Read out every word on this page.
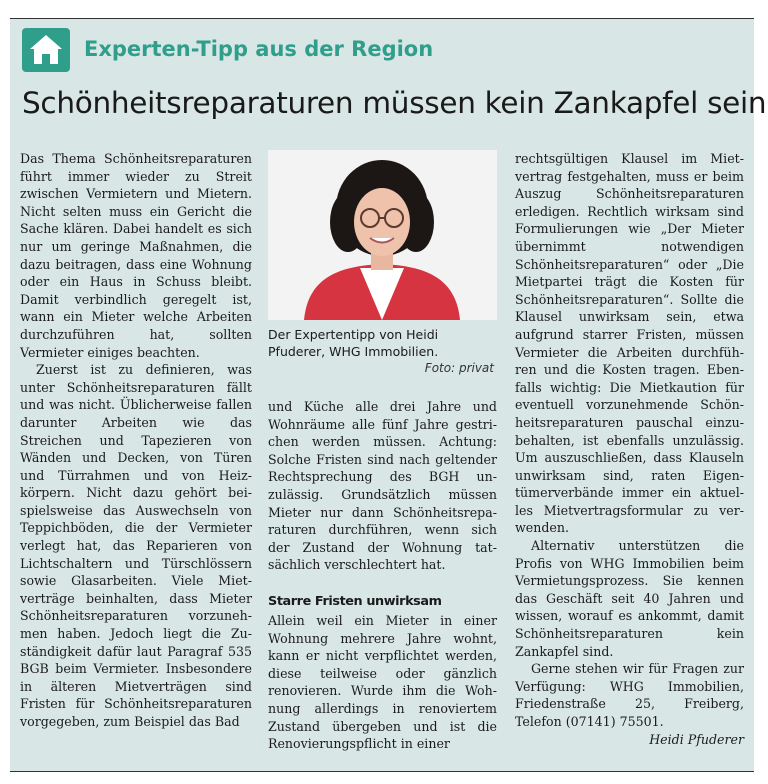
Experten-Tipp aus der Region
Schönheitsreparaturen müssen kein Zankapfel sein

Das Thema Schönheitsreparaturen führt immer wieder zu Streit zwischen Vermietern und Mietern. Nicht selten muss ein Gericht die Sache klären. Dabei handelt es sich nur um geringe Maßnahmen, die dazu beitragen, dass eine Wohnung oder ein Haus in Schuss bleibt. Damit verbindlich geregelt ist, wann ein Mieter welche Arbeiten durchzuführen hat,	sollten Vermieter einiges beachten.

Zuerst ist zu definieren, was unter Schönheitsreparaturen fällt und was nicht. Üblicherweise fallen darunter Arbeiten wie das Streichen und Tapezieren von Wänden und Decken, von Türen und Türrahmen und von Heizkörpern. Nicht dazu gehört beispielsweise das Auswechseln von Teppichböden, die der Vermieter verlegt hat, das Reparieren von Lichtschaltern und Türschlössern sowie Glasarbeiten. Viele Mietverträge beinhalten, dass Mieter Schönheitsreparaturen vorzunehmen haben. Jedoch liegt die Zuständigkeit dafür laut Paragraf 535 BGB beim Vermieter. Insbesondere in älteren Mietverträgen sind Fristen für Schönheitsreparaturen vorgegeben, zum Beispiel das Bad

Der Expertentipp von Heidi Pfuderer, WHG Immobilien.
Foto: privat

und Küche alle drei Jahre und Wohnräume alle fünf Jahre gestrichen werden müssen. Achtung: Solche Fristen sind nach geltender Rechtsprechung des BGH unzulässig. Grundsätzlich müssen Mieter nur dann Schönheitsreparaturen durchführen, wenn sich der Zustand der Wohnung tatsächlich verschlechtert hat.

Starre Fristen unwirksam

Allein weil ein Mieter in einer Wohnung mehrere Jahre wohnt, kann er nicht verpflichtet werden, diese teilweise oder gänzlich renovieren. Wurde ihm die Wohnung allerdings in renoviertem Zustand übergeben und ist die Renovierungspflicht in einer

rechtsgültigen Klausel im Mietvertrag festgehalten, muss er beim Auszug Schönheitsreparaturen erledigen. Rechtlich wirksam sind Formulierungen wie „Der Mieter übernimmt notwendigen Schönheitsreparaturen“ oder „Die Mietpartei trägt die Kosten für Schönheitsreparaturen“. Sollte die Klausel unwirksam sein, etwa aufgrund starrer Fristen, müssen Vermieter die Arbeiten durchführen und die Kosten tragen. Ebenfalls wichtig: Die Mietkaution für eventuell vorzunehmende Schönheitsreparaturen pauschal einzubehalten, ist ebenfalls unzulässig. Um auszuschließen, dass Klauseln unwirksam sind, raten Eigentümerverbände immer ein aktuelles Mietvertragsformular zu verwenden.

Alternativ unterstützen die Profis von WHG Immobilien beim Vermietungsprozess. Sie kennen das Geschäft seit 40 Jahren und wissen, worauf es ankommt, damit Schönheitsreparaturen kein Zankapfel sind.

Gerne stehen wir für Fragen zur Verfügung: WHG Immobilien, Friedenstraße 25, Freiberg, Telefon (07141) 75501.

Heidi Pfuderer
